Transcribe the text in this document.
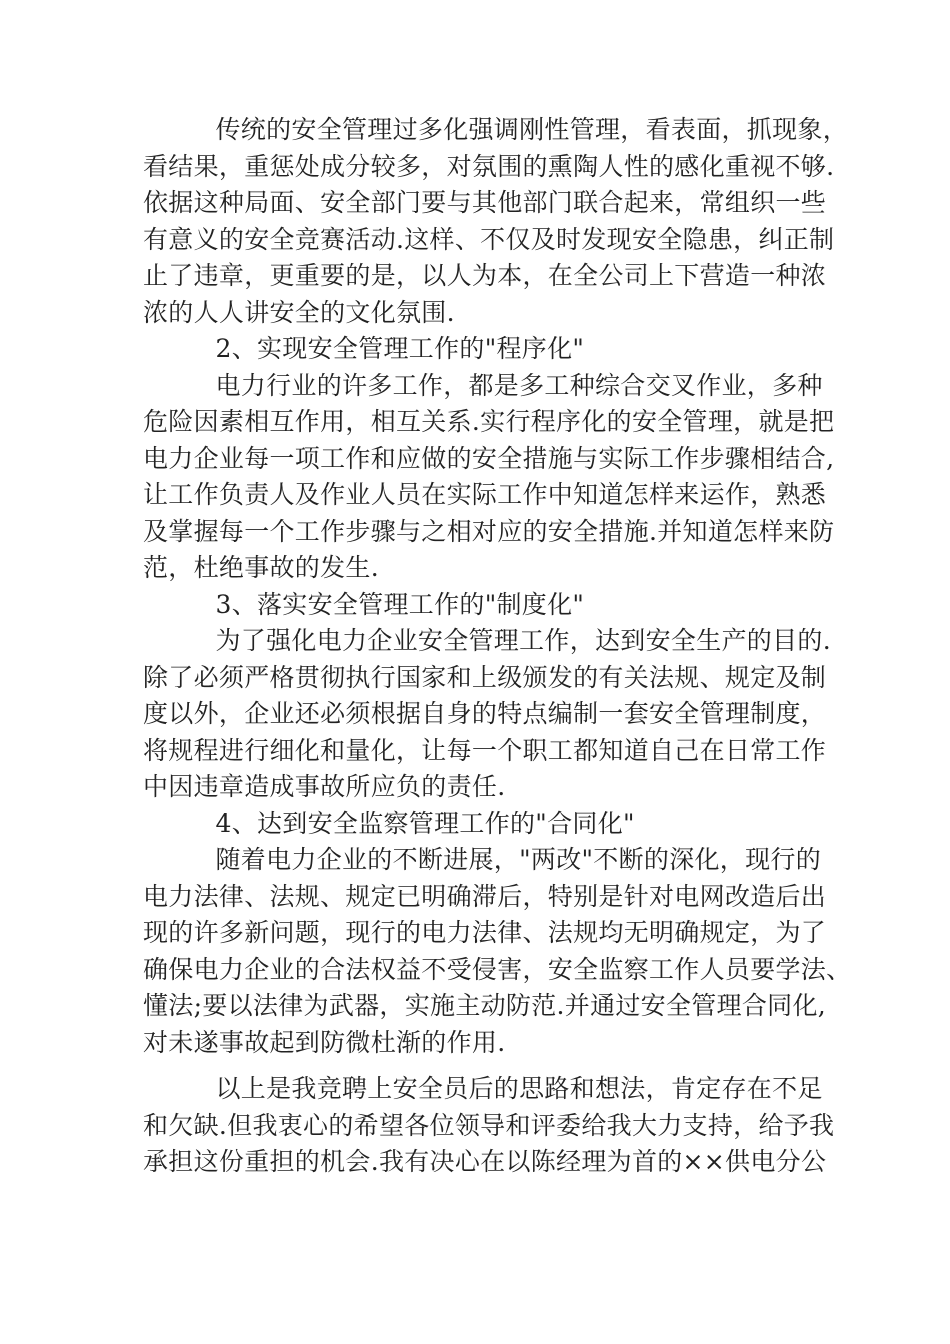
传统的安全管理过多化强调刚性管理，看表面，抓现象，
看结果，重惩处成分较多，对氛围的熏陶人性的感化重视不够.
依据这种局面、安全部门要与其他部门联合起来，常组织一些
有意义的安全竞赛活动.这样、不仅及时发现安全隐患，纠正制
止了违章，更重要的是，以人为本，在全公司上下营造一种浓
浓的人人讲安全的文化氛围.
2、实现安全管理工作的"程序化"
电力行业的许多工作，都是多工种综合交叉作业，多种
危险因素相互作用，相互关系.实行程序化的安全管理，就是把
电力企业每一项工作和应做的安全措施与实际工作步骤相结合,
让工作负责人及作业人员在实际工作中知道怎样来运作，熟悉
及掌握每一个工作步骤与之相对应的安全措施.并知道怎样来防
范，杜绝事故的发生.
3、落实安全管理工作的"制度化"
为了强化电力企业安全管理工作，达到安全生产的目的.
除了必须严格贯彻执行国家和上级颁发的有关法规、规定及制
度以外，企业还必须根据自身的特点编制一套安全管理制度，
将规程进行细化和量化，让每一个职工都知道自己在日常工作
中因违章造成事故所应负的责任.
4、达到安全监察管理工作的"合同化"
随着电力企业的不断进展，"两改"不断的深化，现行的
电力法律、法规、规定已明确滞后，特别是针对电网改造后出
现的许多新问题，现行的电力法律、法规均无明确规定，为了
确保电力企业的合法权益不受侵害，安全监察工作人员要学法、
懂法;要以法律为武器，实施主动防范.并通过安全管理合同化,
对未遂事故起到防微杜渐的作用.
以上是我竞聘上安全员后的思路和想法，肯定存在不足
和欠缺.但我衷心的希望各位领导和评委给我大力支持，给予我
承担这份重担的机会.我有决心在以陈经理为首的××供电分公
